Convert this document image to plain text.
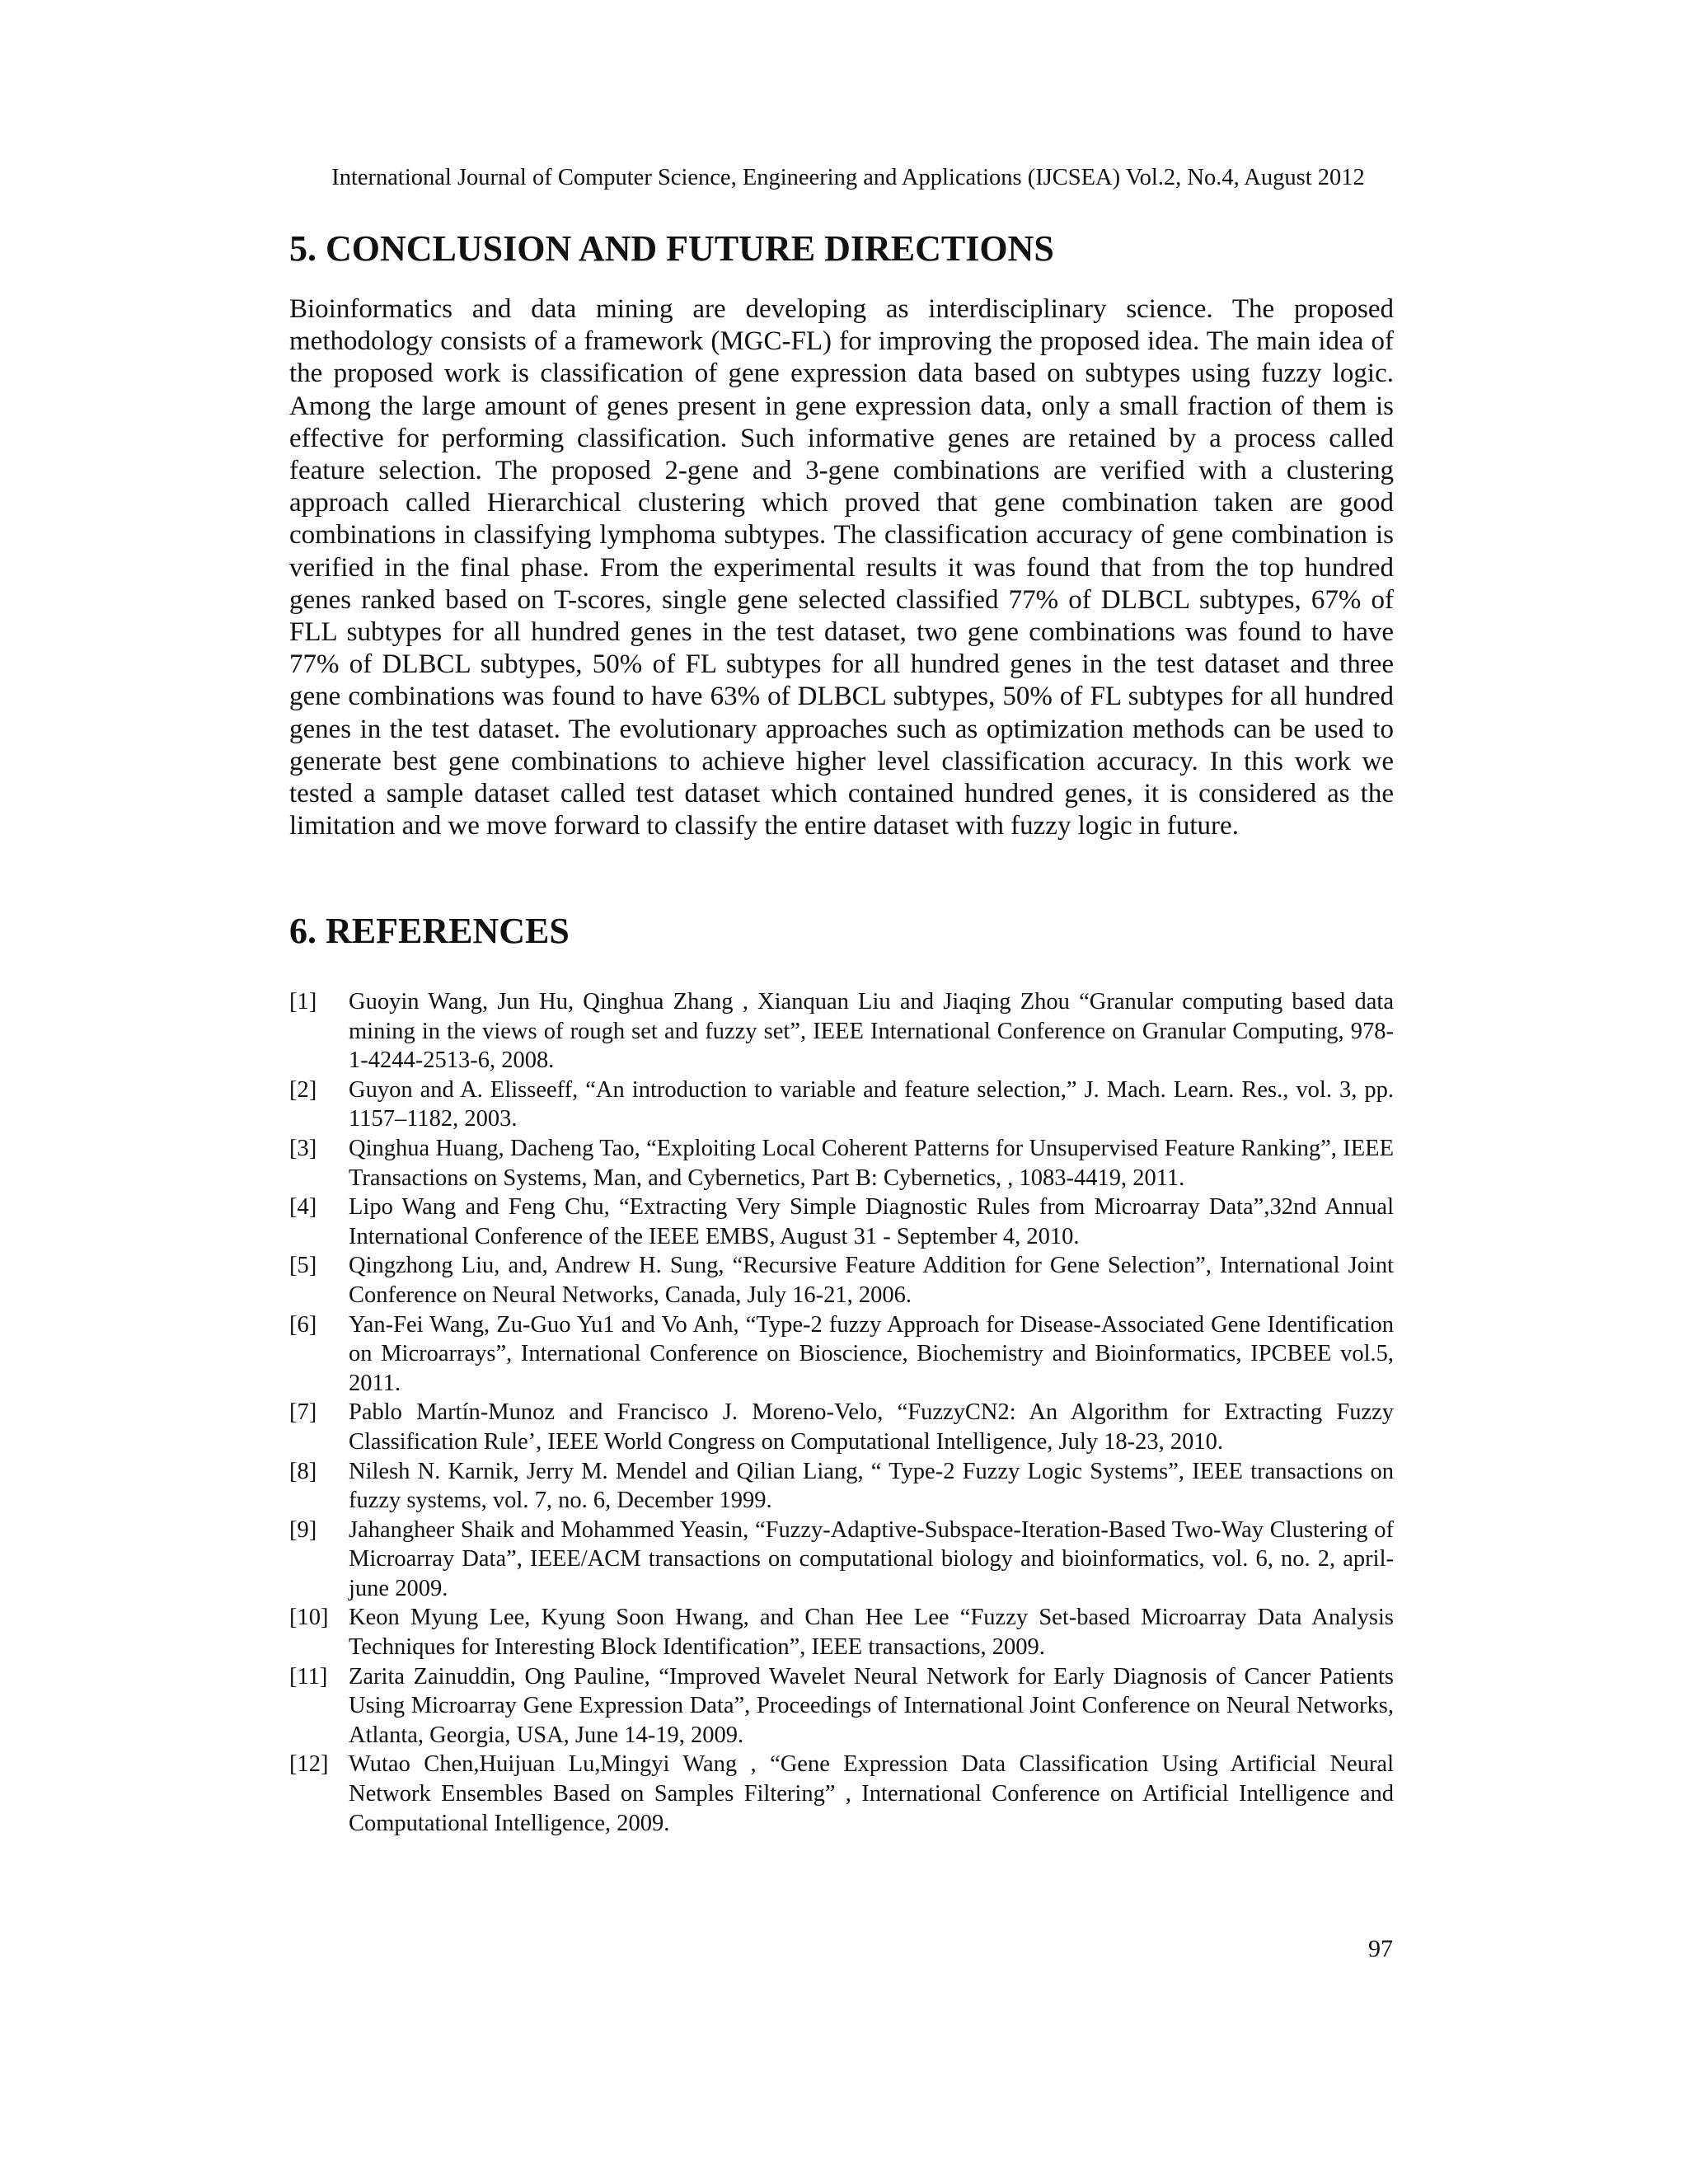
International Journal of Computer Science, Engineering and Applications (IJCSEA) Vol.2, No.4, August 2012
5. CONCLUSION AND FUTURE DIRECTIONS

Bioinformatics and data mining are developing as interdisciplinary science. The proposed methodology consists of a framework (MGC-FL) for improving the proposed idea. The main idea of the proposed work is classification of gene expression data based on subtypes using fuzzy logic. Among the large amount of genes present in gene expression data, only a small fraction of them is effective for performing classification. Such informative genes are retained by a process called feature selection. The proposed 2-gene and 3-gene combinations are verified with a clustering approach called Hierarchical clustering which proved that gene combination taken are good combinations in classifying lymphoma subtypes. The classification accuracy of gene combination is verified in the final phase. From the experimental results it was found that from the top hundred genes ranked based on T-scores, single gene selected classified 77% of DLBCL subtypes, 67% of FLL subtypes for all hundred genes in the test dataset, two gene combinations was found to have 77% of DLBCL subtypes, 50% of FL subtypes for all hundred genes in the test dataset and three gene combinations was found to have 63% of DLBCL subtypes, 50% of FL subtypes for all hundred genes in the test dataset. The evolutionary approaches such as optimization methods can be used to generate best gene combinations to achieve higher level classification accuracy. In this work we tested a sample dataset called test dataset which contained hundred genes, it is considered as the limitation and we move forward to classify the entire dataset with fuzzy logic in future.

6. REFERENCES
[1] Guoyin Wang, Jun Hu, Qinghua Zhang , Xianquan Liu and Jiaqing Zhou “Granular computing based data mining in the views of rough set and fuzzy set”, IEEE International Conference on Granular Computing, 978-1-4244-2513-6, 2008.
[2] Guyon and A. Elisseeff, “An introduction to variable and feature selection,” J. Mach. Learn. Res., vol. 3, pp. 1157–1182, 2003.
[3] Qinghua Huang, Dacheng Tao, “Exploiting Local Coherent Patterns for Unsupervised Feature Ranking”, IEEE Transactions on Systems, Man, and Cybernetics, Part B: Cybernetics, , 1083-4419, 2011.
[4] Lipo Wang and Feng Chu, “Extracting Very Simple Diagnostic Rules from Microarray Data”,32nd Annual International Conference of the IEEE EMBS, August 31 - September 4, 2010.
[5] Qingzhong Liu, and, Andrew H. Sung, “Recursive Feature Addition for Gene Selection”, International Joint Conference on Neural Networks, Canada, July 16-21, 2006.
[6] Yan-Fei Wang, Zu-Guo Yu1 and Vo Anh, “Type-2 fuzzy Approach for Disease-Associated Gene Identification on Microarrays”, International Conference on Bioscience, Biochemistry and Bioinformatics, IPCBEE vol.5, 2011.
[7] Pablo Martín-Munoz and Francisco J. Moreno-Velo, “FuzzyCN2: An Algorithm for Extracting Fuzzy Classification Rule’, IEEE World Congress on Computational Intelligence, July 18-23, 2010.
[8] Nilesh N. Karnik, Jerry M. Mendel and Qilian Liang, “ Type-2 Fuzzy Logic Systems”, IEEE transactions on fuzzy systems, vol. 7, no. 6, December 1999.
[9] Jahangheer Shaik and Mohammed Yeasin, “Fuzzy-Adaptive-Subspace-Iteration-Based Two-Way Clustering of Microarray Data”, IEEE/ACM transactions on computational biology and bioinformatics, vol. 6, no. 2, april-june 2009.
[10] Keon Myung Lee, Kyung Soon Hwang, and Chan Hee Lee “Fuzzy Set-based Microarray Data Analysis Techniques for Interesting Block Identification”, IEEE transactions, 2009.
[11] Zarita Zainuddin, Ong Pauline, “Improved Wavelet Neural Network for Early Diagnosis of Cancer Patients Using Microarray Gene Expression Data”, Proceedings of International Joint Conference on Neural Networks, Atlanta, Georgia, USA, June 14-19, 2009.
[12] Wutao Chen,Huijuan Lu,Mingyi Wang , “Gene Expression Data Classification Using Artificial Neural Network Ensembles Based on Samples Filtering” , International Conference on Artificial Intelligence and Computational Intelligence, 2009.
97
